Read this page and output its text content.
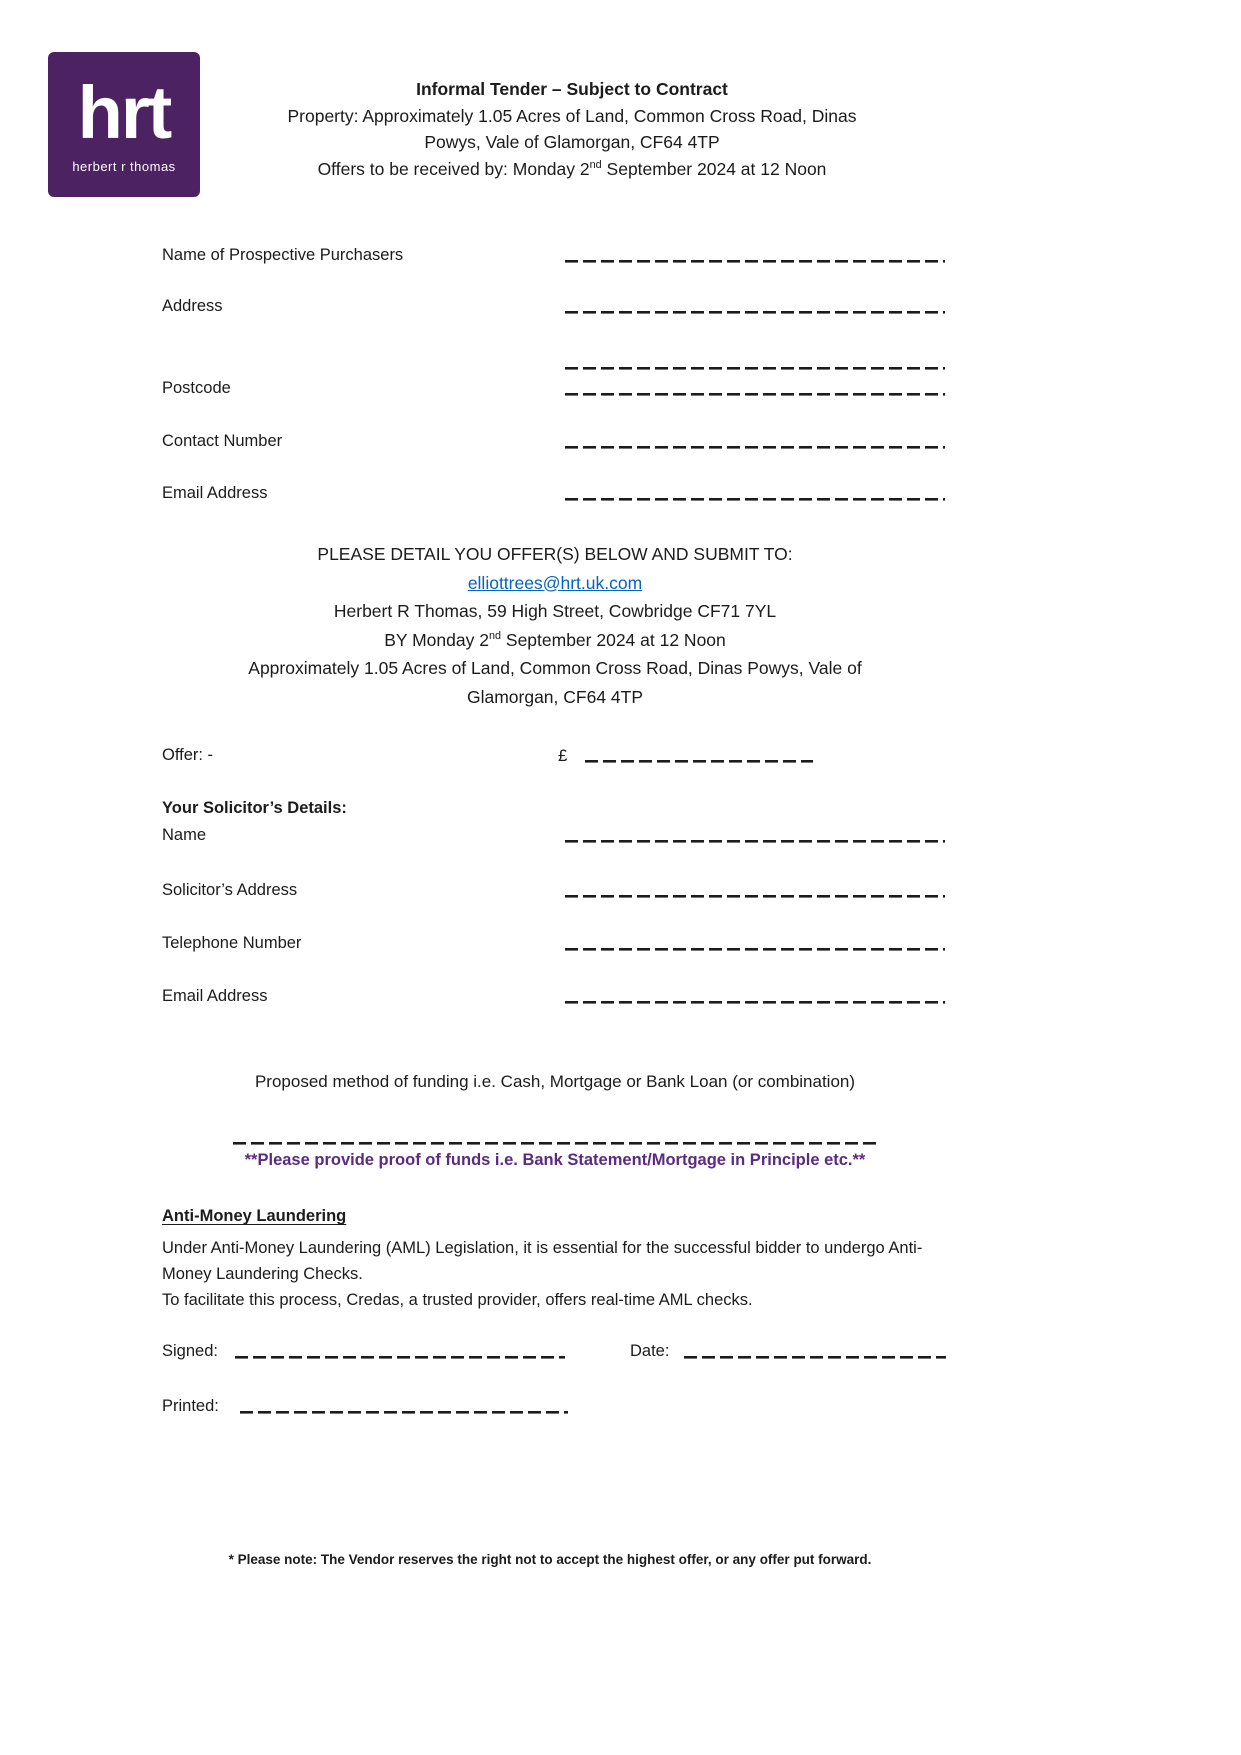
hrt
herbert r thomas
Informal Tender – Subject to Contract
Property: Approximately 1.05 Acres of Land, Common Cross Road, Dinas Powys, Vale of Glamorgan, CF64 4TP
Offers to be received by: Monday 2nd September 2024 at 12 Noon
Name of Prospective Purchasers
Address
Postcode
Contact Number
Email Address
PLEASE DETAIL YOU OFFER(S) BELOW AND SUBMIT TO:
elliottrees@hrt.uk.com
Herbert R Thomas, 59 High Street, Cowbridge CF71 7YL
BY Monday 2nd September 2024 at 12 Noon
Approximately 1.05 Acres of Land, Common Cross Road, Dinas Powys, Vale of Glamorgan, CF64 4TP
Offer: -	£
Your Solicitor’s Details:
Name
Solicitor’s Address
Telephone Number
Email Address
Proposed method of funding i.e. Cash, Mortgage or Bank Loan (or combination)
**Please provide proof of funds i.e. Bank Statement/Mortgage in Principle etc.**
Anti-Money Laundering
Under Anti-Money Laundering (AML) Legislation, it is essential for the successful bidder to undergo Anti-Money Laundering Checks.
To facilitate this process, Credas, a trusted provider, offers real-time AML checks.
Signed:	Date:
Printed:
* Please note: The Vendor reserves the right not to accept the highest offer, or any offer put forward.
